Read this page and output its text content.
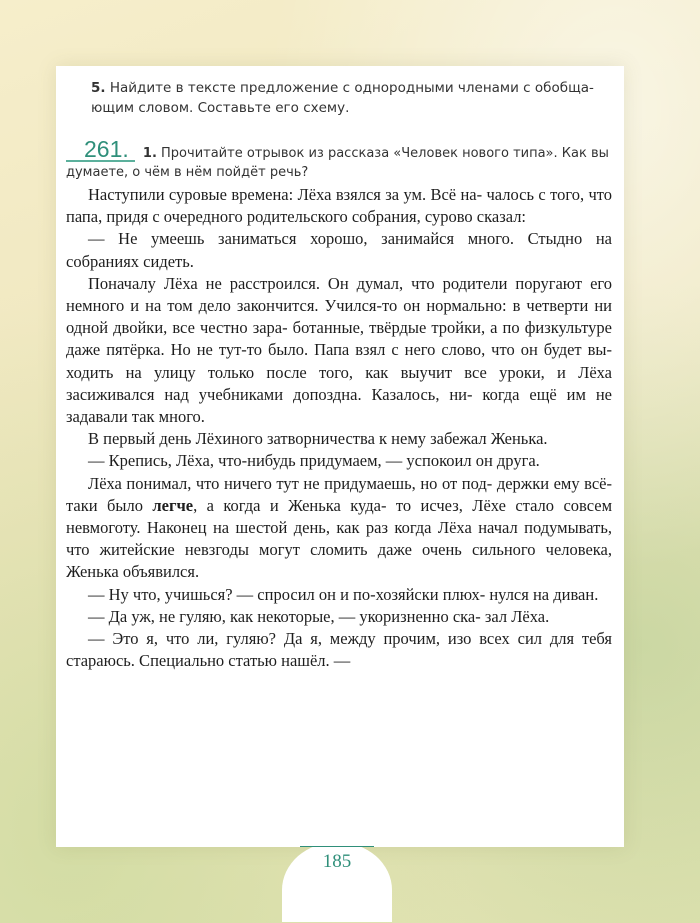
5. Найдите в тексте предложение с однородными членами с обобща- ющим словом. Составьте его схему.
261. 1. Прочитайте отрывок из рассказа «Человек нового типа». Как вы думаете, о чём в нём пойдёт речь?

Наступили суровые времена: Лёха взялся за ум. Всё на- чалось с того, что папа, придя с очередного родительского собрания, сурово сказал:

— Не умеешь заниматься хорошо, занимайся много. Стыдно на собраниях сидеть.

Поначалу Лёха не расстроился. Он думал, что родители поругают его немного и на том дело закончится. Учился-то он нормально: в четверти ни одной двойки, все честно зара- ботанные, твёрдые тройки, а по физкультуре даже пятёрка. Но не тут-то было. Папа взял с него слово, что он будет вы- ходить на улицу только после того, как выучит все уроки, и Лёха засиживался над учебниками допоздна. Казалось, ни- когда ещё им не задавали так много.

В первый день Лёхиного затворничества к нему забежал Женька.

— Крепись, Лёха, что-нибудь придумаем, — успокоил он друга.

Лёха понимал, что ничего тут не придумаешь, но от под- держки ему всё-таки было легче, а когда и Женька куда- то исчез, Лёхе стало совсем невмоготу. Наконец на шестой день, как раз когда Лёха начал подумывать, что житейские невзгоды могут сломить даже очень сильного человека, Женька объявился.

— Ну что, учишься? — спросил он и по-хозяйски плюх- нулся на диван.

— Да уж, не гуляю, как некоторые, — укоризненно ска- зал Лёха.

— Это я, что ли, гуляю? Да я, между прочим, изо всех сил для тебя стараюсь. Специально статью нашёл. —

185
